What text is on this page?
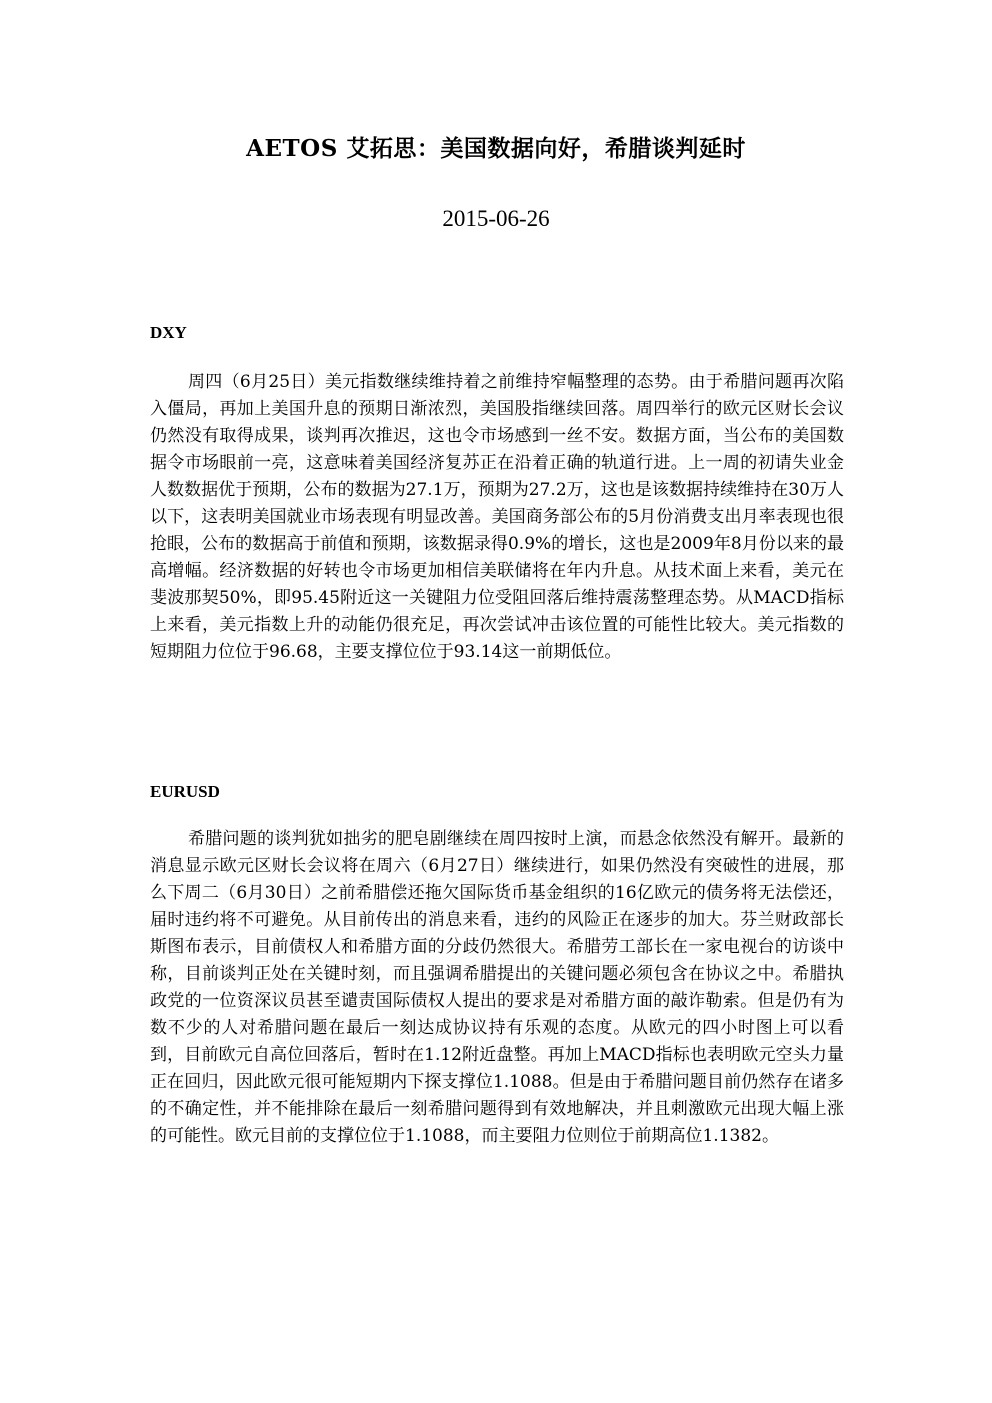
AETOS 艾拓思：美国数据向好，希腊谈判延时
2015-06-26
DXY
周四（6月25日）美元指数继续维持着之前维持窄幅整理的态势。由于希腊问题再次陷入僵局，再加上美国升息的预期日渐浓烈，美国股指继续回落。周四举行的欧元区财长会议仍然没有取得成果，谈判再次推迟，这也令市场感到一丝不安。数据方面，当公布的美国数据令市场眼前一亮，这意味着美国经济复苏正在沿着正确的轨道行进。上一周的初请失业金人数数据优于预期，公布的数据为27.1万，预期为27.2万，这也是该数据持续维持在30万人以下，这表明美国就业市场表现有明显改善。美国商务部公布的5月份消费支出月率表现也很抢眼，公布的数据高于前值和预期，该数据录得0.9%的增长，这也是2009年8月份以来的最高增幅。经济数据的好转也令市场更加相信美联储将在年内升息。从技术面上来看，美元在斐波那契50%，即95.45附近这一关键阻力位受阻回落后维持震荡整理态势。从MACD指标上来看，美元指数上升的动能仍很充足，再次尝试冲击该位置的可能性比较大。美元指数的短期阻力位位于96.68，主要支撑位位于93.14这一前期低位。
EURUSD
希腊问题的谈判犹如拙劣的肥皂剧继续在周四按时上演，而悬念依然没有解开。最新的消息显示欧元区财长会议将在周六（6月27日）继续进行，如果仍然没有突破性的进展，那么下周二（6月30日）之前希腊偿还拖欠国际货币基金组织的16亿欧元的债务将无法偿还，届时违约将不可避免。从目前传出的消息来看，违约的风险正在逐步的加大。芬兰财政部长斯图布表示，目前债权人和希腊方面的分歧仍然很大。希腊劳工部长在一家电视台的访谈中称，目前谈判正处在关键时刻，而且强调希腊提出的关键问题必须包含在协议之中。希腊执政党的一位资深议员甚至谴责国际债权人提出的要求是对希腊方面的敲诈勒索。但是仍有为数不少的人对希腊问题在最后一刻达成协议持有乐观的态度。从欧元的四小时图上可以看到，目前欧元自高位回落后，暂时在1.12附近盘整。再加上MACD指标也表明欧元空头力量正在回归，因此欧元很可能短期内下探支撑位1.1088。但是由于希腊问题目前仍然存在诸多的不确定性，并不能排除在最后一刻希腊问题得到有效地解决，并且刺激欧元出现大幅上涨的可能性。欧元目前的支撑位位于1.1088，而主要阻力位则位于前期高位1.1382。
